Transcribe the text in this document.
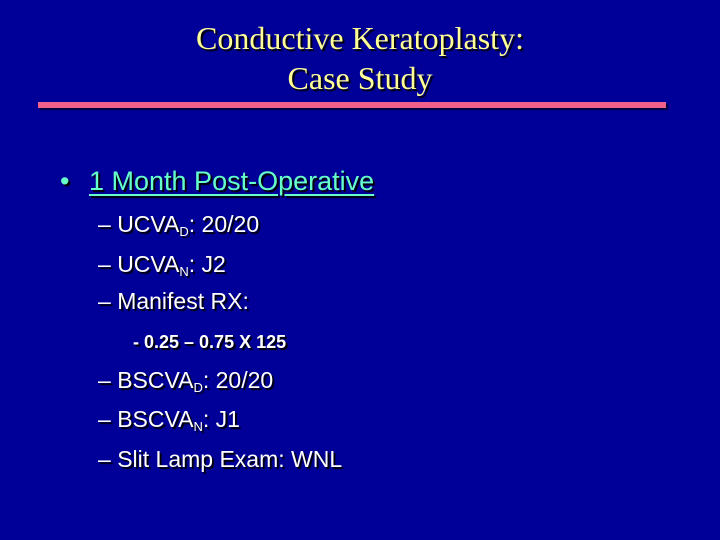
Conductive Keratoplasty:
Case Study
• 1 Month Post-Operative
– $UCVA_D$: 20/20
– $UCVA_N$: J2
– Manifest RX:
- 0.25 – 0.75 X 125
– $BSCVA_D$: 20/20
– $BSCVA_N$: J1
– Slit Lamp Exam: WNL
